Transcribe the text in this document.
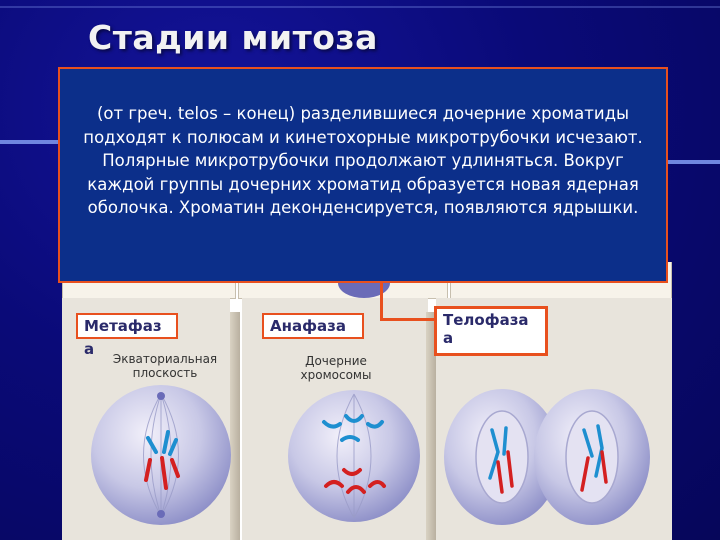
Стадии митоза
Экваториальная
плоскость
Дочерние
хромосомы
Метафаз
а
Анафаза	Телофаза
а
(от греч. telos – конец) разделившиеся дочерние хроматиды подходят к полюсам и кинетохорные микротрубочки исчезают. Полярные микротрубочки продолжают удлиняться. Вокруг каждой группы дочерних хроматид образуется новая ядерная оболочка. Хроматин деконденсируется, появляются ядрышки.
